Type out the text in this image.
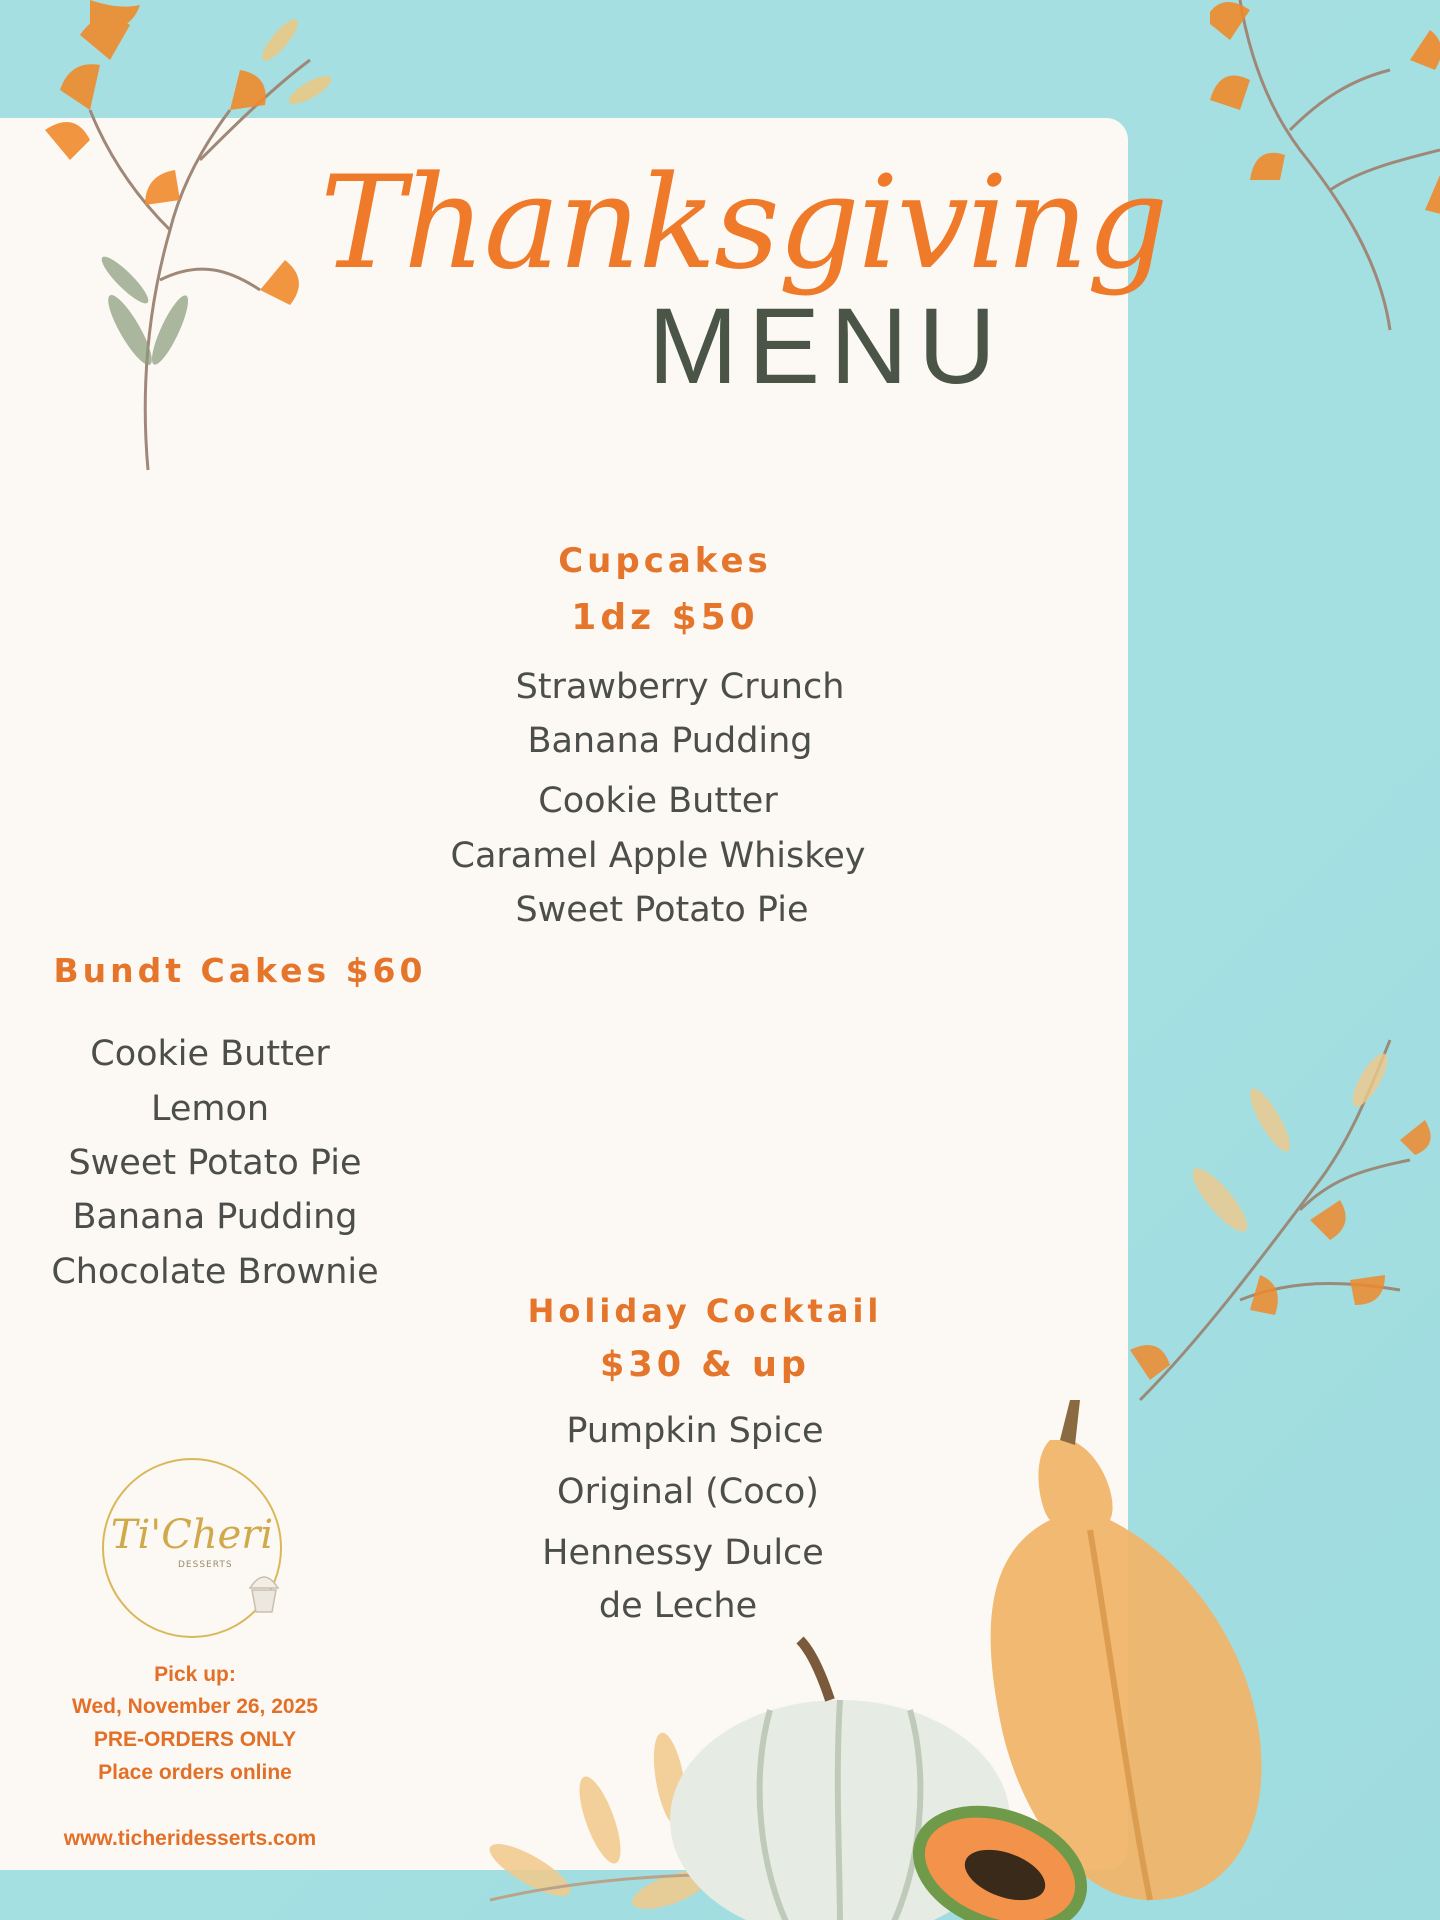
Thanksgiving
MENU
Cupcakes
1dz $50
Strawberry Crunch
Banana Pudding
Cookie Butter
Caramel Apple Whiskey
Sweet Potato Pie
Bundt Cakes $60
Cookie Butter
Lemon
Sweet Potato Pie
Banana Pudding
Chocolate Brownie
Holiday Cocktail
$30 & up
Pumpkin Spice
Original (Coco)
Hennessy Dulce
de Leche
Ti'Cheri
DESSERTS
Pick up:
Wed, November 26, 2025
PRE-ORDERS ONLY
Place orders online
www.ticheridesserts.com
